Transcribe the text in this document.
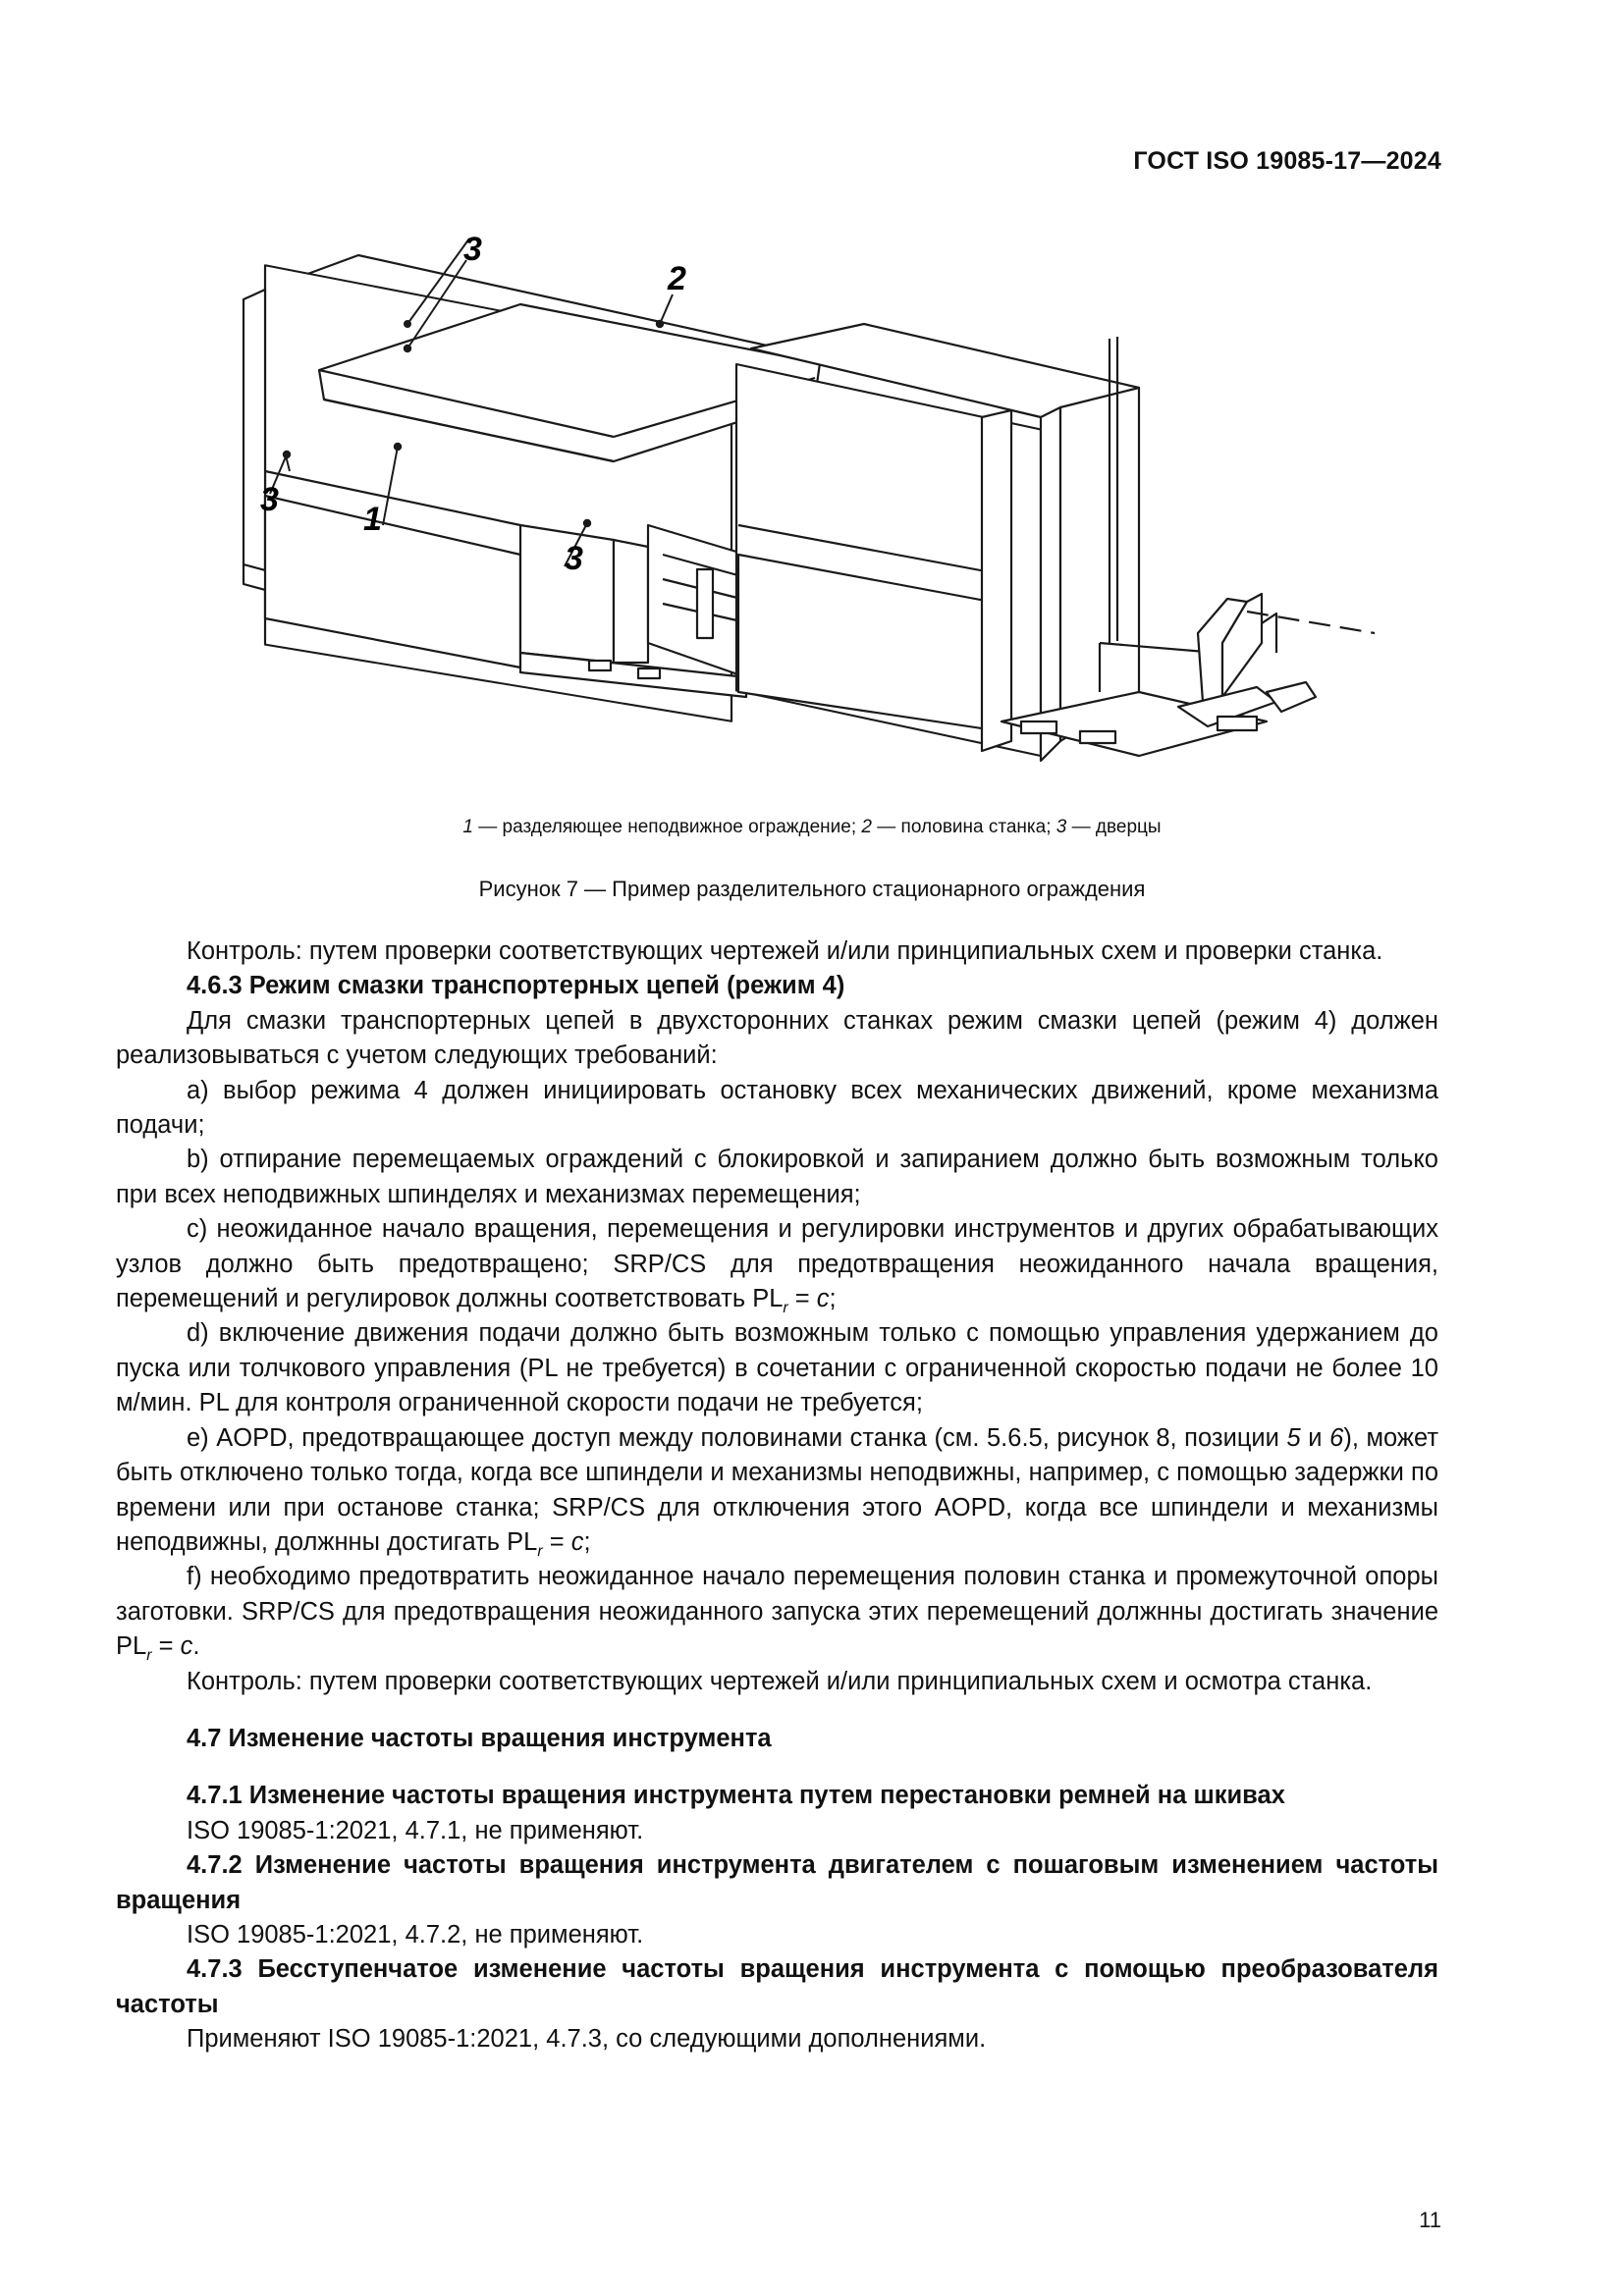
ГОСТ ISO 19085-17—2024
3
2
3
1
3
1 — разделяющее неподвижное ограждение; 2 — половина станка; 3 — дверцы
Рисунок 7 — Пример разделительного стационарного ограждения

Контроль: путем проверки соответствующих чертежей и/или принципиальных схем и проверки станка.

4.6.3 Режим смазки транспортерных цепей (режим 4)

Для смазки транспортерных цепей в двухсторонних станках режим смазки цепей (режим 4) должен реализовываться с учетом следующих требований:

а) выбор режима 4 должен инициировать остановку всех механических движений, кроме механизма подачи;

b) отпирание перемещаемых ограждений с блокировкой и запиранием должно быть возможным только при всех неподвижных шпинделях и механизмах перемещения;

c) неожиданное начало вращения, перемещения и регулировки инструментов и других обрабатывающих узлов должно быть предотвращено; SRP/CS для предотвращения неожиданного начала вращения, перемещений и регулировок должны соответствовать $PL_r = c$;

d) включение движения подачи должно быть возможным только с помощью управления удержанием до пуска или толчкового управления (PL не требуется) в сочетании с ограниченной скоростью подачи не более 10 м/мин. PL для контроля ограниченной скорости подачи не требуется;

е) AOPD, предотвращающее доступ между половинами станка (см. 5.6.5, рисунок 8, позиции 5 и 6), может быть отключено только тогда, когда все шпиндели и механизмы неподвижны, например, с помощью задержки по времени или при останове станка; SRP/CS для отключения этого AOPD, когда все шпиндели и механизмы неподвижны, должнны достигать $PL_r = c$;

f) необходимо предотвратить неожиданное начало перемещения половин станка и промежуточной опоры заготовки. SRP/CS для предотвращения неожиданного запуска этих перемещений должнны достигать значение $PL_r = c$.

Контроль: путем проверки соответствующих чертежей и/или принципиальных схем и осмотра станка.

4.7 Изменение частоты вращения инструмента

4.7.1 Изменение частоты вращения инструмента путем перестановки ремней на шкивах

ISO 19085-1:2021, 4.7.1, не применяют.

4.7.2 Изменение частоты вращения инструмента двигателем с пошаговым изменением частоты вращения

ISO 19085-1:2021, 4.7.2, не применяют.

4.7.3 Бесступенчатое изменение частоты вращения инструмента с помощью преобразователя частоты

Применяют ISO 19085-1:2021, 4.7.3, со следующими дополнениями.

11
